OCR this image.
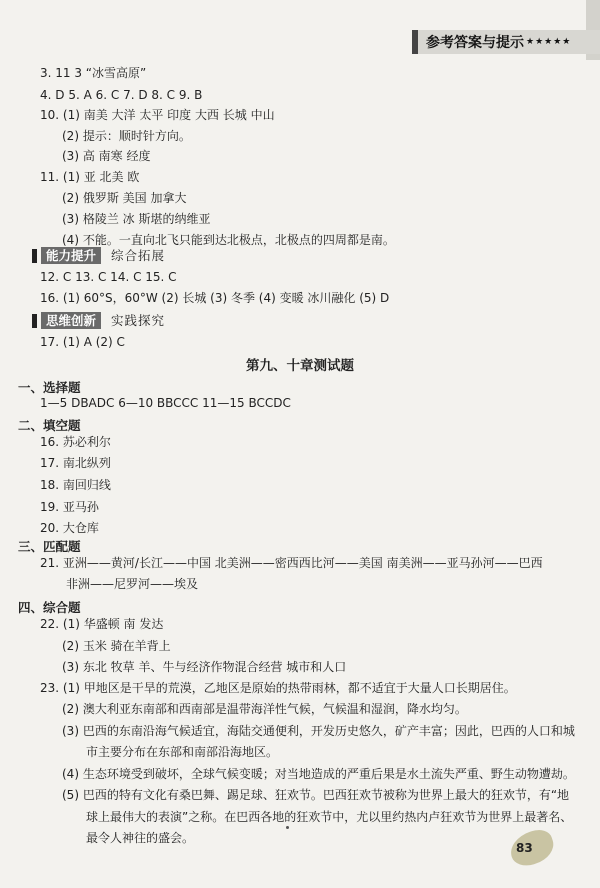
参考答案与提示 ★★★★★
3. 11 3 “冰雪高原”
4. D 5. A 6. C 7. D 8. C 9. B
10. (1) 南美 大洋 太平 印度 大西 长城 中山
(2) 提示：顺时针方向。
(3) 高 南寒 经度
11. (1) 亚 北美 欧
(2) 俄罗斯 美国 加拿大
(3) 格陵兰 冰 斯堪的纳维亚
(4) 不能。一直向北飞只能到达北极点，北极点的四周都是南。
能力提升	综合拓展
12. C 13. C 14. C 15. C
16. (1) 60°S，60°W (2) 长城 (3) 冬季 (4) 变暖 冰川融化 (5) D
思维创新	实践探究
17. (1) A (2) C
第九、十章测试题
一、选择题
1—5 DBADC 6—10 BBCCC 11—15 BCCDC
二、填空题
16. 苏必利尔
17. 南北纵列
18. 南回归线
19. 亚马孙
20. 大仓库
三、匹配题
21. 亚洲——黄河/长江——中国 北美洲——密西西比河——美国 南美洲——亚马孙河——巴西
非洲——尼罗河——埃及
四、综合题
22. (1) 华盛顿 南 发达
(2) 玉米 骑在羊背上
(3) 东北 牧草 羊、牛与经济作物混合经营 城市和人口
23. (1) 甲地区是干旱的荒漠，乙地区是原始的热带雨林，都不适宜于大量人口长期居住。
(2) 澳大利亚东南部和西南部是温带海洋性气候，气候温和湿润，降水均匀。
(3) 巴西的东南沿海气候适宜，海陆交通便利，开发历史悠久，矿产丰富；因此，巴西的人口和城
市主要分布在东部和南部沿海地区。
(4) 生态环境受到破坏，全球气候变暖；对当地造成的严重后果是水土流失严重、野生动物遭劫。
(5) 巴西的特有文化有桑巴舞、踢足球、狂欢节。巴西狂欢节被称为世界上最大的狂欢节，有“地
球上最伟大的表演”之称。在巴西各地的狂欢节中，尤以里约热内卢狂欢节为世界上最著名、
最令人神往的盛会。
83
